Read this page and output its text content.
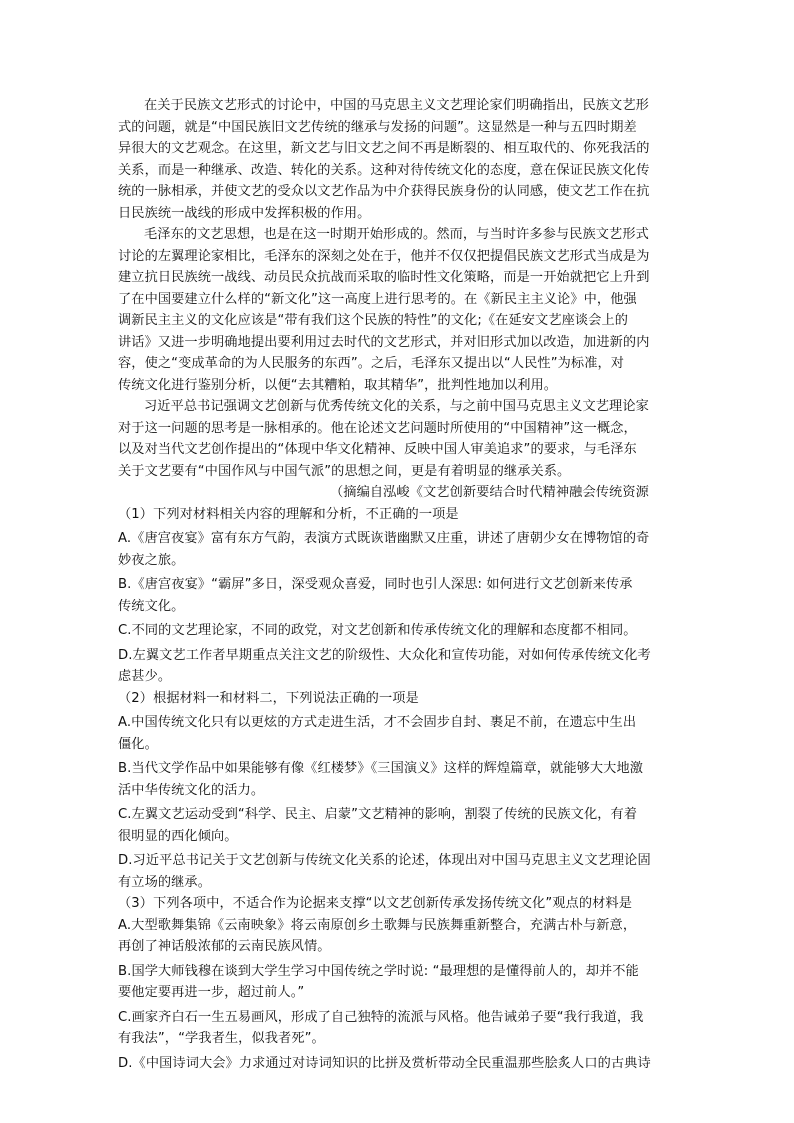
在关于民族文艺形式的讨论中，中国的马克思主义文艺理论家们明确指出，民族文艺形
式的问题，就是“中国民族旧文艺传统的继承与发扬的问题”。这显然是一种与五四时期差
异很大的文艺观念。在这里，新文艺与旧文艺之间不再是断裂的、相互取代的、你死我活的
关系，而是一种继承、改造、转化的关系。这种对待传统文化的态度，意在保证民族文化传
统的一脉相承，并使文艺的受众以文艺作品为中介获得民族身份的认同感，使文艺工作在抗
日民族统一战线的形成中发挥积极的作用。
毛泽东的文艺思想，也是在这一时期开始形成的。然而，与当时许多参与民族文艺形式
讨论的左翼理论家相比，毛泽东的深刻之处在于，他并不仅仅把提倡民族文艺形式当成是为
建立抗日民族统一战线、动员民众抗战而采取的临时性文化策略，而是一开始就把它上升到
了在中国要建立什么样的“新文化”这一高度上进行思考的。在《新民主主义论》中，他强
调新民主主义的文化应该是“带有我们这个民族的特性”的文化;《在延安文艺座谈会上的
讲话》又进一步明确地提出要利用过去时代的文艺形式，并对旧形式加以改造，加进新的内
容，使之“变成革命的为人民服务的东西”。之后，毛泽东又提出以“人民性”为标准，对
传统文化进行鉴别分析，以便“去其糟粕，取其精华”，批判性地加以利用。
习近平总书记强调文艺创新与优秀传统文化的关系，与之前中国马克思主义文艺理论家
对于这一问题的思考是一脉相承的。他在论述文艺问题时所使用的“中国精神”这一概念，
以及对当代文艺创作提出的“体现中华文化精神、反映中国人审美追求”的要求，与毛泽东
关于文艺要有“中国作风与中国气派”的思想之间，更是有着明显的继承关系。
（摘编自泓峻《文艺创新要结合时代精神融会传统资源
（1）下列对材料相关内容的理解和分析，不正确的一项是
A.《唐宫夜宴》富有东方气韵，表演方式既诙谐幽默又庄重，讲述了唐朝少女在博物馆的奇
妙夜之旅。
B.《唐宫夜宴》“霸屏”多日，深受观众喜爱，同时也引人深思: 如何进行文艺创新来传承
传统文化。
C.不同的文艺理论家，不同的政党，对文艺创新和传承传统文化的理解和态度都不相同。
D.左翼文艺工作者早期重点关注文艺的阶级性、大众化和宣传功能，对如何传承传统文化考
虑甚少。
（2）根据材料一和材料二，下列说法正确的一项是
A.中国传统文化只有以更炫的方式走进生活，才不会固步自封、裹足不前，在遗忘中生出
僵化。
B.当代文学作品中如果能够有像《红楼梦》《三国演义》这样的辉煌篇章，就能够大大地激
活中华传统文化的活力。
C.左翼文艺运动受到“科学、民主、启蒙”文艺精神的影响，割裂了传统的民族文化，有着
很明显的西化倾向。
D.习近平总书记关于文艺创新与传统文化关系的论述，体现出对中国马克思主义文艺理论固
有立场的继承。
（3）下列各项中，不适合作为论据来支撑“以文艺创新传承发扬传统文化”观点的材料是
A.大型歌舞集锦《云南映象》将云南原创乡土歌舞与民族舞重新整合，充满古朴与新意，
再创了神话般浓郁的云南民族风情。
B.国学大师钱穆在谈到大学生学习中国传统之学时说: “最理想的是懂得前人的，却并不能
要他定要再进一步，超过前人。”
C.画家齐白石一生五易画风，形成了自己独特的流派与风格。他告诫弟子要“我行我道，我
有我法”，“学我者生，似我者死”。
D.《中国诗词大会》力求通过对诗词知识的比拼及赏析带动全民重温那些脍炙人口的古典诗
